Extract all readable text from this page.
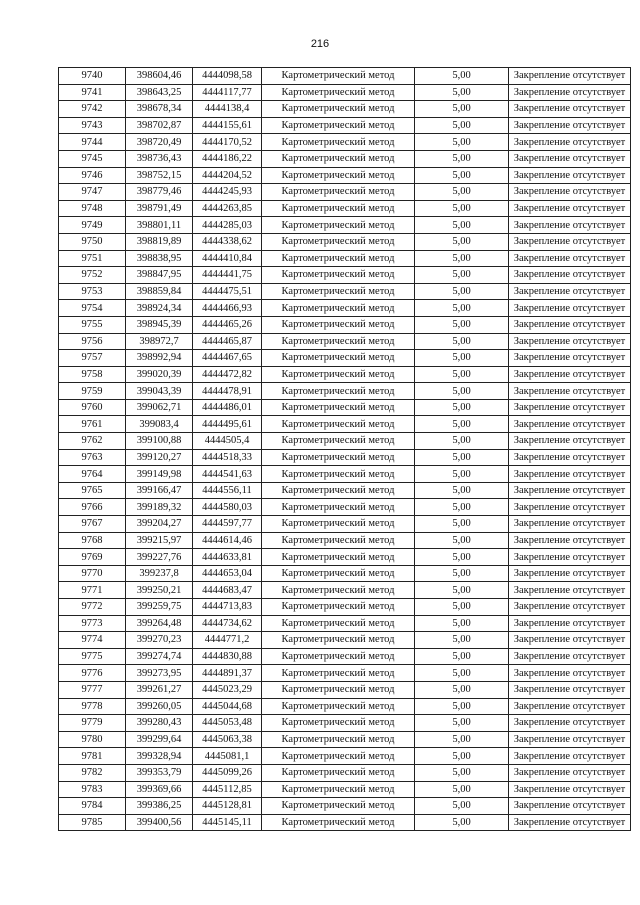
216
9740	398604,46	4444098,58	Картометрический метод	5,00	Закрепление отсутствует
9741	398643,25	4444117,77	Картометрический метод	5,00	Закрепление отсутствует
9742	398678,34	4444138,4	Картометрический метод	5,00	Закрепление отсутствует
9743	398702,87	4444155,61	Картометрический метод	5,00	Закрепление отсутствует
9744	398720,49	4444170,52	Картометрический метод	5,00	Закрепление отсутствует
9745	398736,43	4444186,22	Картометрический метод	5,00	Закрепление отсутствует
9746	398752,15	4444204,52	Картометрический метод	5,00	Закрепление отсутствует
9747	398779,46	4444245,93	Картометрический метод	5,00	Закрепление отсутствует
9748	398791,49	4444263,85	Картометрический метод	5,00	Закрепление отсутствует
9749	398801,11	4444285,03	Картометрический метод	5,00	Закрепление отсутствует
9750	398819,89	4444338,62	Картометрический метод	5,00	Закрепление отсутствует
9751	398838,95	4444410,84	Картометрический метод	5,00	Закрепление отсутствует
9752	398847,95	4444441,75	Картометрический метод	5,00	Закрепление отсутствует
9753	398859,84	4444475,51	Картометрический метод	5,00	Закрепление отсутствует
9754	398924,34	4444466,93	Картометрический метод	5,00	Закрепление отсутствует
9755	398945,39	4444465,26	Картометрический метод	5,00	Закрепление отсутствует
9756	398972,7	4444465,87	Картометрический метод	5,00	Закрепление отсутствует
9757	398992,94	4444467,65	Картометрический метод	5,00	Закрепление отсутствует
9758	399020,39	4444472,82	Картометрический метод	5,00	Закрепление отсутствует
9759	399043,39	4444478,91	Картометрический метод	5,00	Закрепление отсутствует
9760	399062,71	4444486,01	Картометрический метод	5,00	Закрепление отсутствует
9761	399083,4	4444495,61	Картометрический метод	5,00	Закрепление отсутствует
9762	399100,88	4444505,4	Картометрический метод	5,00	Закрепление отсутствует
9763	399120,27	4444518,33	Картометрический метод	5,00	Закрепление отсутствует
9764	399149,98	4444541,63	Картометрический метод	5,00	Закрепление отсутствует
9765	399166,47	4444556,11	Картометрический метод	5,00	Закрепление отсутствует
9766	399189,32	4444580,03	Картометрический метод	5,00	Закрепление отсутствует
9767	399204,27	4444597,77	Картометрический метод	5,00	Закрепление отсутствует
9768	399215,97	4444614,46	Картометрический метод	5,00	Закрепление отсутствует
9769	399227,76	4444633,81	Картометрический метод	5,00	Закрепление отсутствует
9770	399237,8	4444653,04	Картометрический метод	5,00	Закрепление отсутствует
9771	399250,21	4444683,47	Картометрический метод	5,00	Закрепление отсутствует
9772	399259,75	4444713,83	Картометрический метод	5,00	Закрепление отсутствует
9773	399264,48	4444734,62	Картометрический метод	5,00	Закрепление отсутствует
9774	399270,23	4444771,2	Картометрический метод	5,00	Закрепление отсутствует
9775	399274,74	4444830,88	Картометрический метод	5,00	Закрепление отсутствует
9776	399273,95	4444891,37	Картометрический метод	5,00	Закрепление отсутствует
9777	399261,27	4445023,29	Картометрический метод	5,00	Закрепление отсутствует
9778	399260,05	4445044,68	Картометрический метод	5,00	Закрепление отсутствует
9779	399280,43	4445053,48	Картометрический метод	5,00	Закрепление отсутствует
9780	399299,64	4445063,38	Картометрический метод	5,00	Закрепление отсутствует
9781	399328,94	4445081,1	Картометрический метод	5,00	Закрепление отсутствует
9782	399353,79	4445099,26	Картометрический метод	5,00	Закрепление отсутствует
9783	399369,66	4445112,85	Картометрический метод	5,00	Закрепление отсутствует
9784	399386,25	4445128,81	Картометрический метод	5,00	Закрепление отсутствует
9785	399400,56	4445145,11	Картометрический метод	5,00	Закрепление отсутствует
